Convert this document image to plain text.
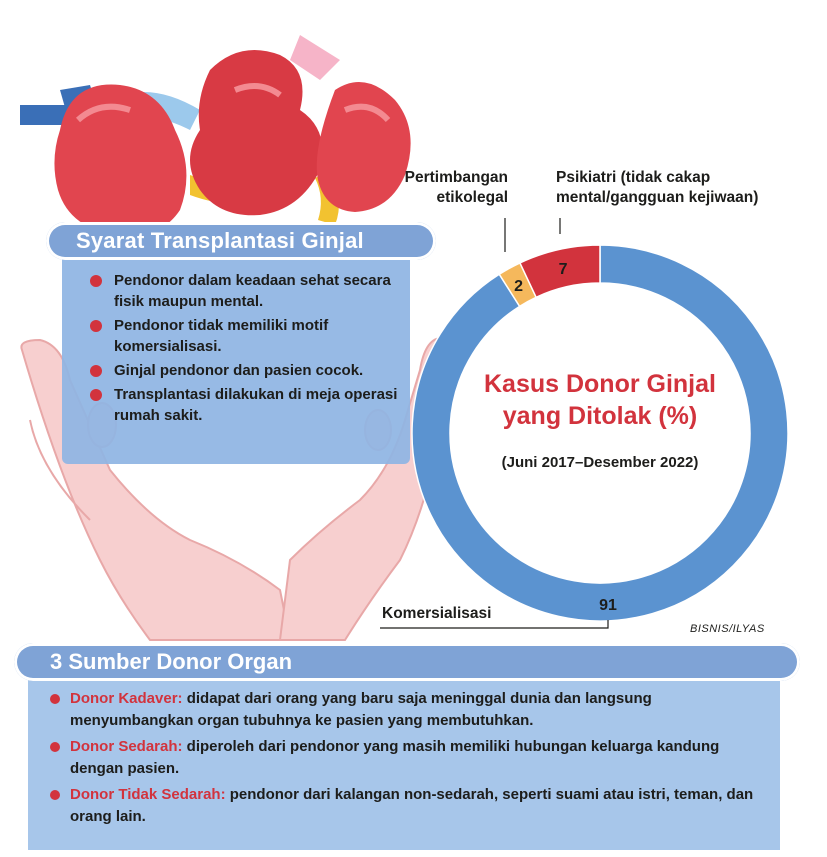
Syarat Transplantasi Ginjal
Pendonor dalam keadaan sehat secara fisik maupun mental.
Pendonor tidak memiliki motif komersialisasi.
Ginjal pendonor dan pasien cocok.
Transplantasi dilakukan di meja operasi rumah sakit.
91
2
7
Pertimbangan etikolegal
Psikiatri (tidak cakap mental/gangguan kejiwaan)
Komersialisasi
Kasus Donor Ginjal yang Ditolak (%)
(Juni 2017–Desember 2022)
BISNIS/ILYAS
3 Sumber Donor Organ
Donor Kadaver: didapat dari orang yang baru saja meninggal dunia dan langsung menyumbangkan organ tubuhnya ke pasien yang membutuhkan.
Donor Sedarah: diperoleh dari pendonor yang masih memiliki hubungan keluarga kandung dengan pasien.
Donor Tidak Sedarah: pendonor dari kalangan non-sedarah, seperti suami atau istri, teman, dan orang lain.
